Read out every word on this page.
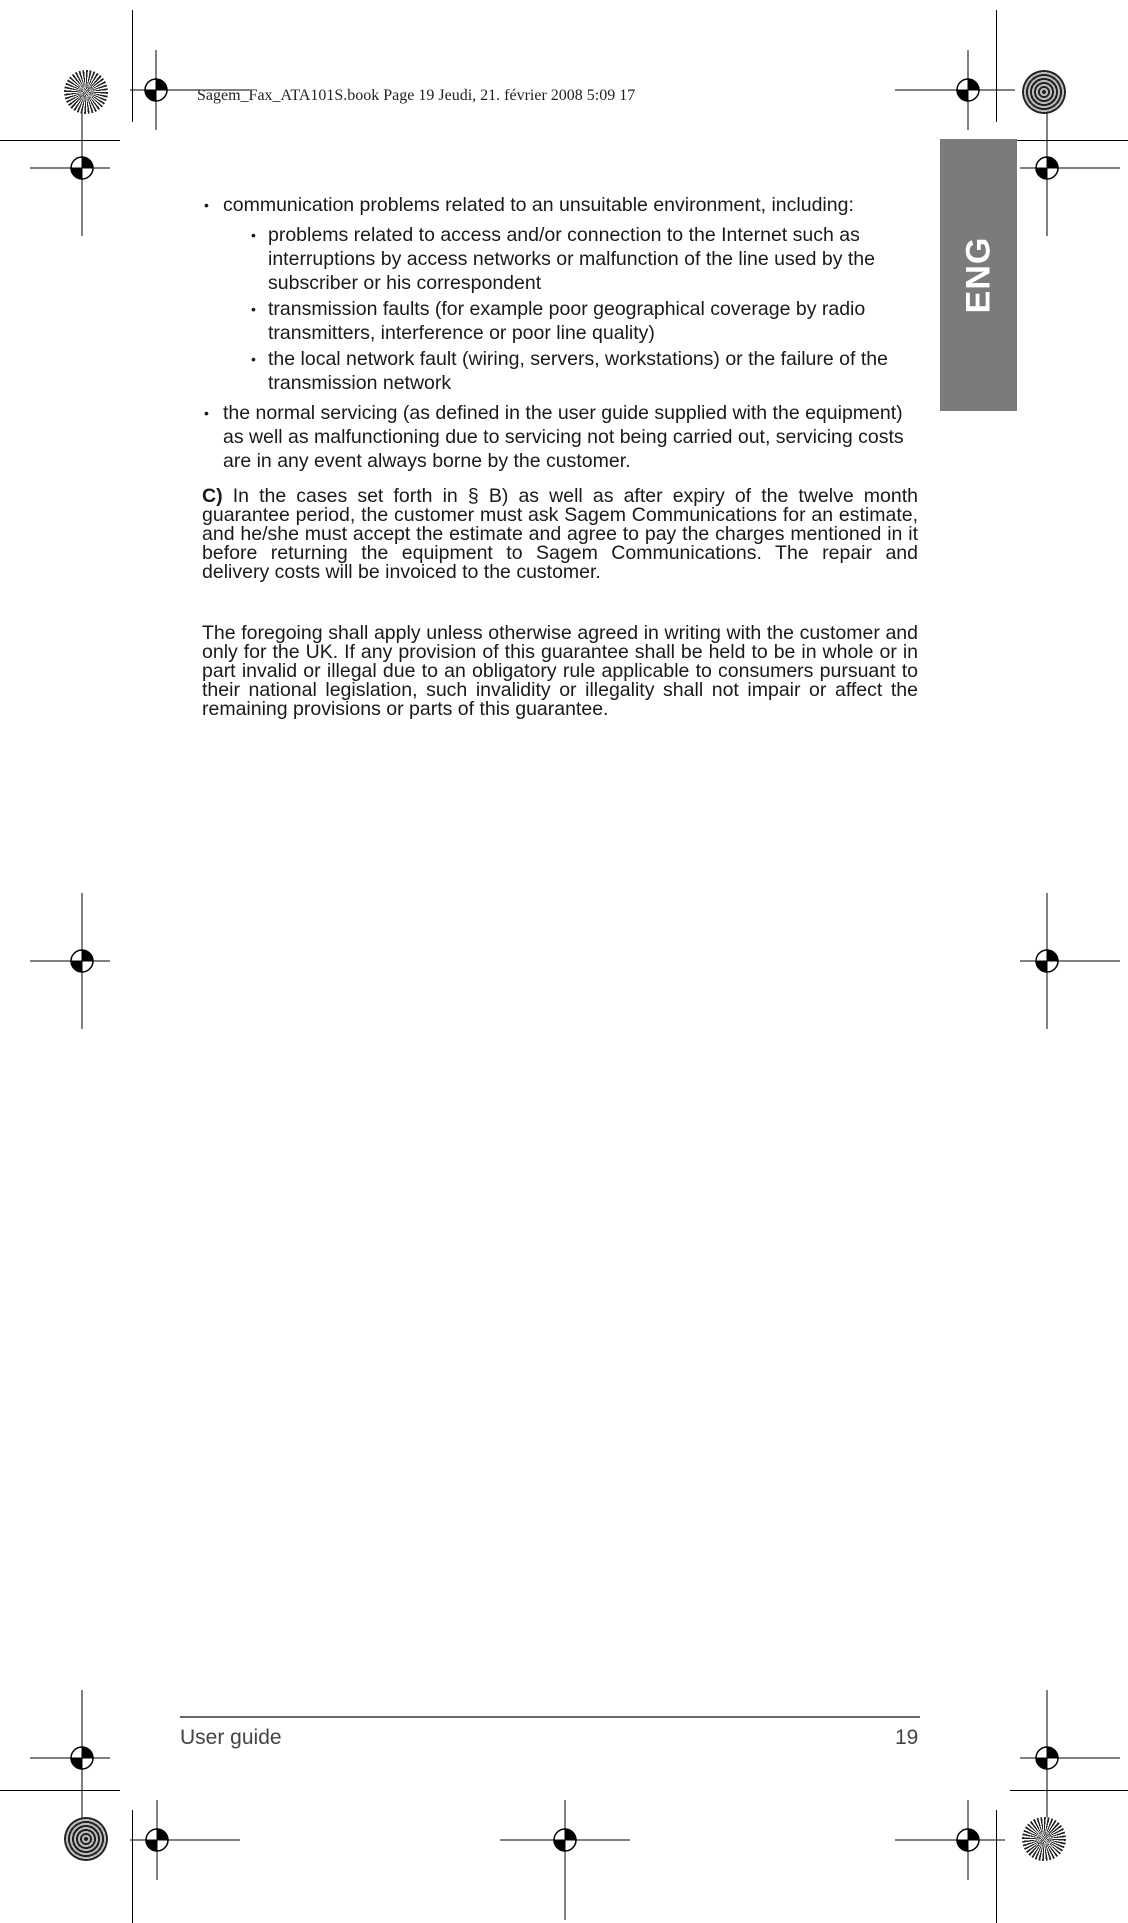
Sagem_Fax_ATA101S.book Page 19 Jeudi, 21. février 2008 5:09 17
ENG
• communication problems related to an unsuitable environment, including:
• problems related to access and/or connection to the Internet such as interruptions by access networks or malfunction of the line used by the subscriber or his correspondent
• transmission faults (for example poor geographical coverage by radio transmitters, interference or poor line quality)
• the local network fault (wiring, servers, workstations) or the failure of the transmission network
• the normal servicing (as defined in the user guide supplied with the equipment) as well as malfunctioning due to servicing not being carried out, servicing costs are in any event always borne by the customer.

C) In the cases set forth in § B) as well as after expiry of the twelve month guarantee period, the customer must ask Sagem Communications for an estimate, and he/she must accept the estimate and agree to pay the charges mentioned in it before returning the equipment to Sagem Communications. The repair and delivery costs will be invoiced to the customer.

The foregoing shall apply unless otherwise agreed in writing with the customer and only for the UK. If any provision of this guarantee shall be held to be in whole or in part invalid or illegal due to an obligatory rule applicable to consumers pursuant to their national legislation, such invalidity or illegality shall not impair or affect the remaining provisions or parts of this guarantee.

User guide	19
